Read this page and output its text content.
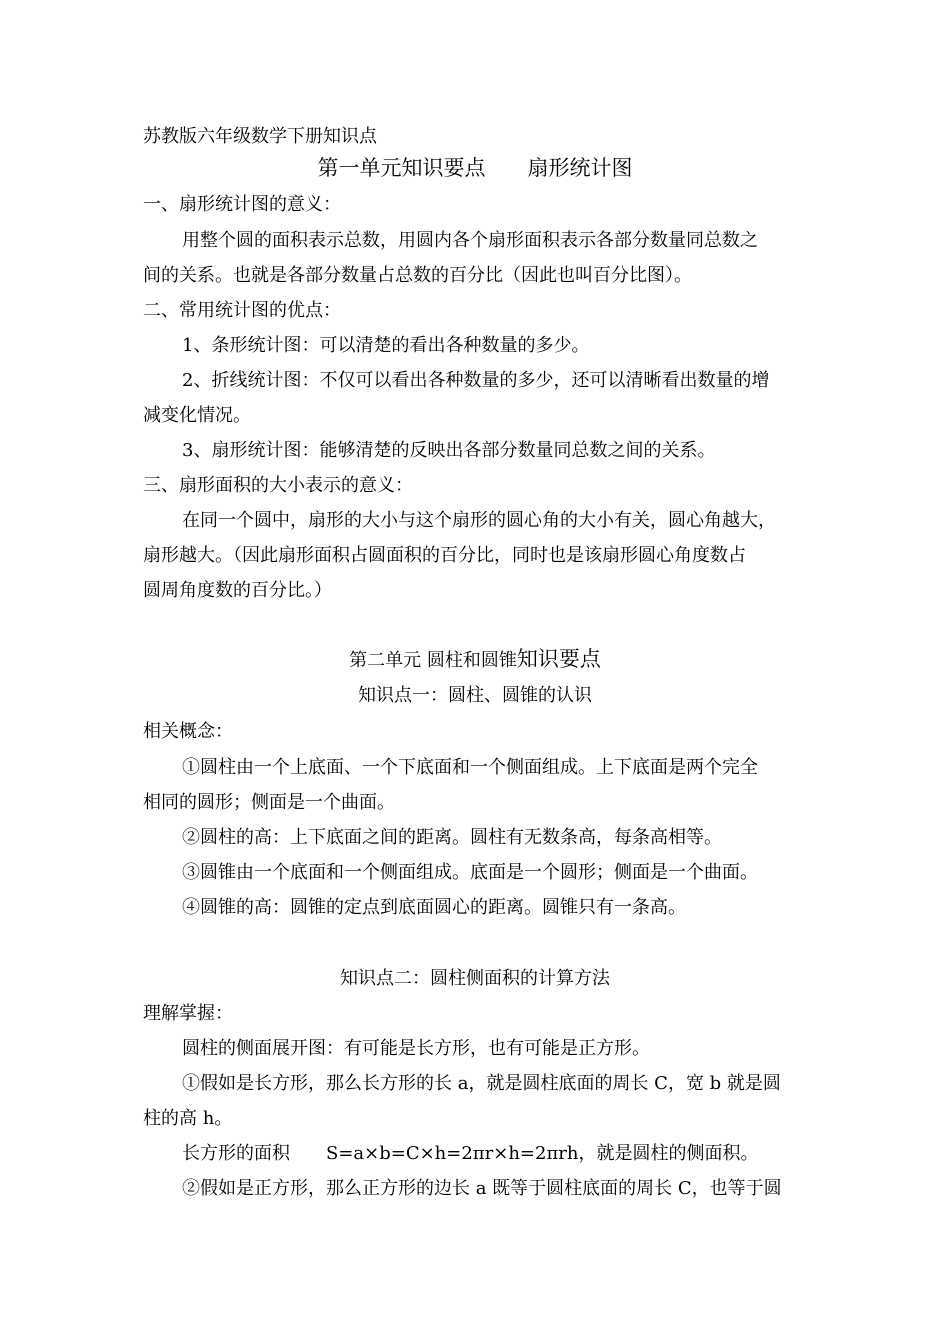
苏教版六年级数学下册知识点
第一单元知识要点　　扇形统计图
一、扇形统计图的意义：
用整个圆的面积表示总数，用圆内各个扇形面积表示各部分数量同总数之
间的关系。也就是各部分数量占总数的百分比（因此也叫百分比图）。
二、常用统计图的优点：
1、条形统计图：可以清楚的看出各种数量的多少。
2、折线统计图：不仅可以看出各种数量的多少，还可以清晰看出数量的增
减变化情况。
3、扇形统计图：能够清楚的反映出各部分数量同总数之间的关系。
三、扇形面积的大小表示的意义：
在同一个圆中，扇形的大小与这个扇形的圆心角的大小有关，圆心角越大，
扇形越大。（因此扇形面积占圆面积的百分比，同时也是该扇形圆心角度数占
圆周角度数的百分比。）
第二单元 圆柱和圆锥知识要点
知识点一：圆柱、圆锥的认识
相关概念：
①圆柱由一个上底面、一个下底面和一个侧面组成。上下底面是两个完全
相同的圆形；侧面是一个曲面。
②圆柱的高：上下底面之间的距离。圆柱有无数条高，每条高相等。
③圆锥由一个底面和一个侧面组成。底面是一个圆形；侧面是一个曲面。
④圆锥的高：圆锥的定点到底面圆心的距离。圆锥只有一条高。
知识点二：圆柱侧面积的计算方法
理解掌握：
圆柱的侧面展开图：有可能是长方形，也有可能是正方形。
①假如是长方形，那么长方形的长 a，就是圆柱底面的周长 C，宽 b 就是圆
柱的高 h。
长方形的面积　　S=a×b=C×h=2πr×h=2πrh，就是圆柱的侧面积。
②假如是正方形，那么正方形的边长 a 既等于圆柱底面的周长 C，也等于圆
